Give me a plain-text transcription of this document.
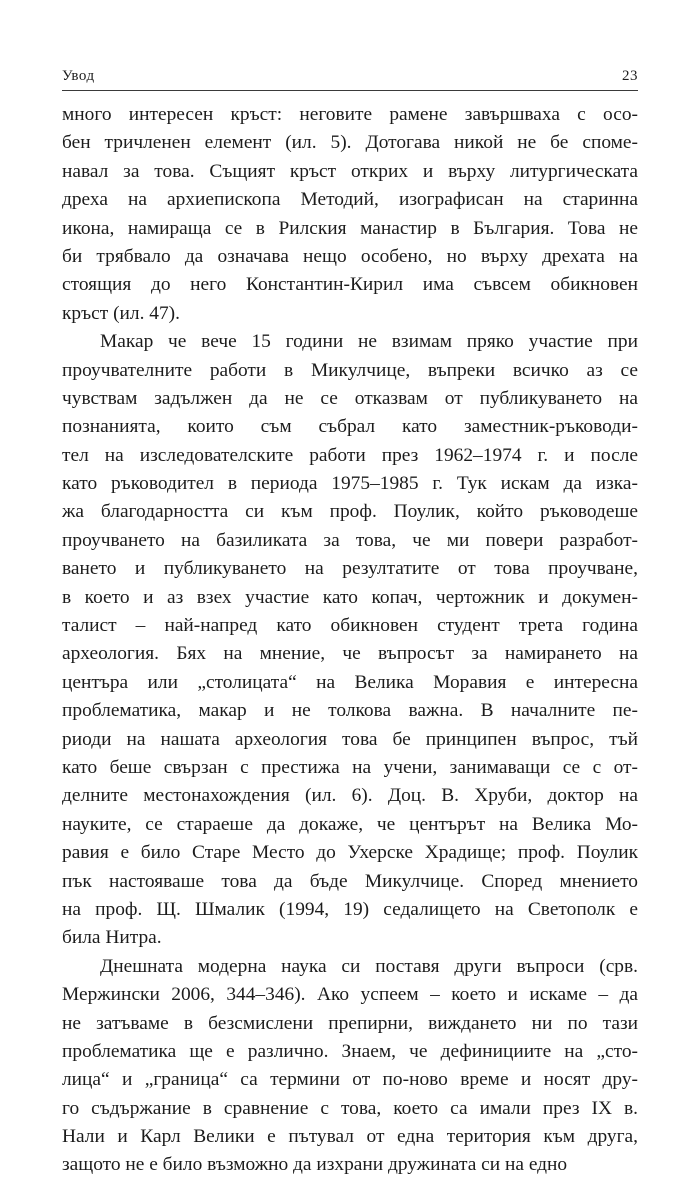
Увод	23
много интересен кръст: неговите рамене завършваха с осо-
бен тричленен елемент (ил. 5). Дотогава никой не бе споме-
навал за това. Същият кръст открих и върху литургическата
дреха на архиепископа Методий, изографисан на старинна
икона, намираща се в Рилския манастир в България. Това не
би трябвало да означава нещо особено, но върху дрехата на
стоящия до него Константин-Кирил има съвсем обикновен
кръст (ил. 47).
Макар че вече 15 години не взимам пряко участие при
проучвателните работи в Микулчице, въпреки всичко аз се
чувствам задължен да не се отказвам от публикуването на
познанията, които съм събрал като заместник-ръководи-
тел на изследователските работи през 1962–1974 г. и после
като ръководител в периода 1975–1985 г. Тук искам да изка-
жа благодарността си към проф. Поулик, който ръководеше
проучването на базиликата за това, че ми повери разработ-
ването и публикуването на резултатите от това проучване,
в което и аз взех участие като копач, чертожник и докумен-
талист – най-напред като обикновен студент трета година
археология. Бях на мнение, че въпросът за намирането на
центъра или „столицата“ на Велика Моравия е интересна
проблематика, макар и не толкова важна. В началните пе-
риоди на нашата археология това бе принципен въпрос, тъй
като беше свързан с престижа на учени, занимаващи се с от-
делните местонахождения (ил. 6). Доц. В. Хруби, доктор на
науките, се стараеше да докаже, че центърът на Велика Мо-
равия е било Старе Место до Ухерске Храдище; проф. Поулик
пък настояваше това да бъде Микулчице. Според мнението
на проф. Щ. Шмалик (1994, 19) седалището на Светополк е
била Нитра.
Днешната модерна наука си поставя други въпроси (срв.
Мержински 2006, 344–346). Ако успеем – което и искаме – да
не затъваме в безсмислени препирни, виждането ни по тази
проблематика ще е различно. Знаем, че дефинициите на „сто-
лица“ и „граница“ са термини от по-ново време и носят дру-
го съдържание в сравнение с това, което са имали през IX в.
Нали и Карл Велики е пътувал от една територия към друга,
защото не е било възможно да изхрани дружината си на едно
